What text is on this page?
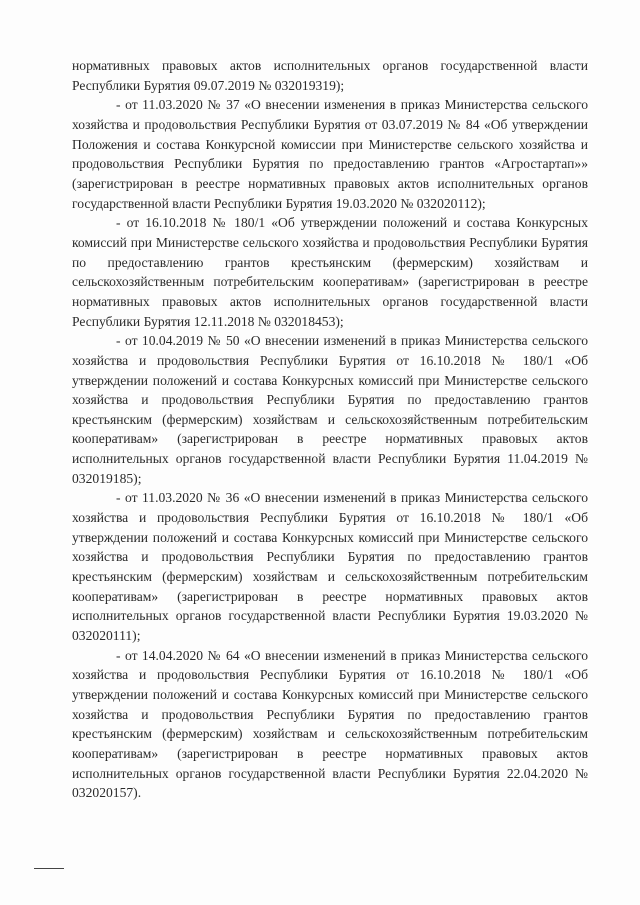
нормативных правовых актов исполнительных органов государственной власти Республики Бурятия 09.07.2019 № 032019319);

- от 11.03.2020 № 37 «О внесении изменения в приказ Министерства сельского хозяйства и продовольствия Республики Бурятия от 03.07.2019 № 84 «Об утверждении Положения и состава Конкурсной комиссии при Министерстве сельского хозяйства и продовольствия Республики Бурятия по предоставлению грантов «Агростартап»» (зарегистрирован в реестре нормативных правовых актов исполнительных органов государственной власти Республики Бурятия 19.03.2020 № 032020112);

- от 16.10.2018 № 180/1 «Об утверждении положений и состава Конкурсных комиссий при Министерстве сельского хозяйства и продовольствия Республики Бурятия по предоставлению грантов крестьянским (фермерским) хозяйствам и сельскохозяйственным потребительским кооперативам» (зарегистрирован в реестре нормативных правовых актов исполнительных органов государственной власти Республики Бурятия 12.11.2018 № 032018453);

- от 10.04.2019 № 50 «О внесении изменений в приказ Министерства сельского хозяйства и продовольствия Республики Бурятия от 16.10.2018 № 180/1 «Об утверждении положений и состава Конкурсных комиссий при Министерстве сельского хозяйства и продовольствия Республики Бурятия по предоставлению грантов крестьянским (фермерским) хозяйствам и сельскохозяйственным потребительским кооперативам» (зарегистрирован в реестре нормативных правовых актов исполнительных органов государственной власти Республики Бурятия 11.04.2019 № 032019185);

- от 11.03.2020 № 36 «О внесении изменений в приказ Министерства сельского хозяйства и продовольствия Республики Бурятия от 16.10.2018 № 180/1 «Об утверждении положений и состава Конкурсных комиссий при Министерстве сельского хозяйства и продовольствия Республики Бурятия по предоставлению грантов крестьянским (фермерским) хозяйствам и сельскохозяйственным потребительским кооперативам» (зарегистрирован в реестре нормативных правовых актов исполнительных органов государственной власти Республики Бурятия 19.03.2020 № 032020111);

- от 14.04.2020 № 64 «О внесении изменений в приказ Министерства сельского хозяйства и продовольствия Республики Бурятия от 16.10.2018 № 180/1 «Об утверждении положений и состава Конкурсных комиссий при Министерстве сельского хозяйства и продовольствия Республики Бурятия по предоставлению грантов крестьянским (фермерским) хозяйствам и сельскохозяйственным потребительским кооперативам» (зарегистрирован в реестре нормативных правовых актов исполнительных органов государственной власти Республики Бурятия 22.04.2020 № 032020157).
